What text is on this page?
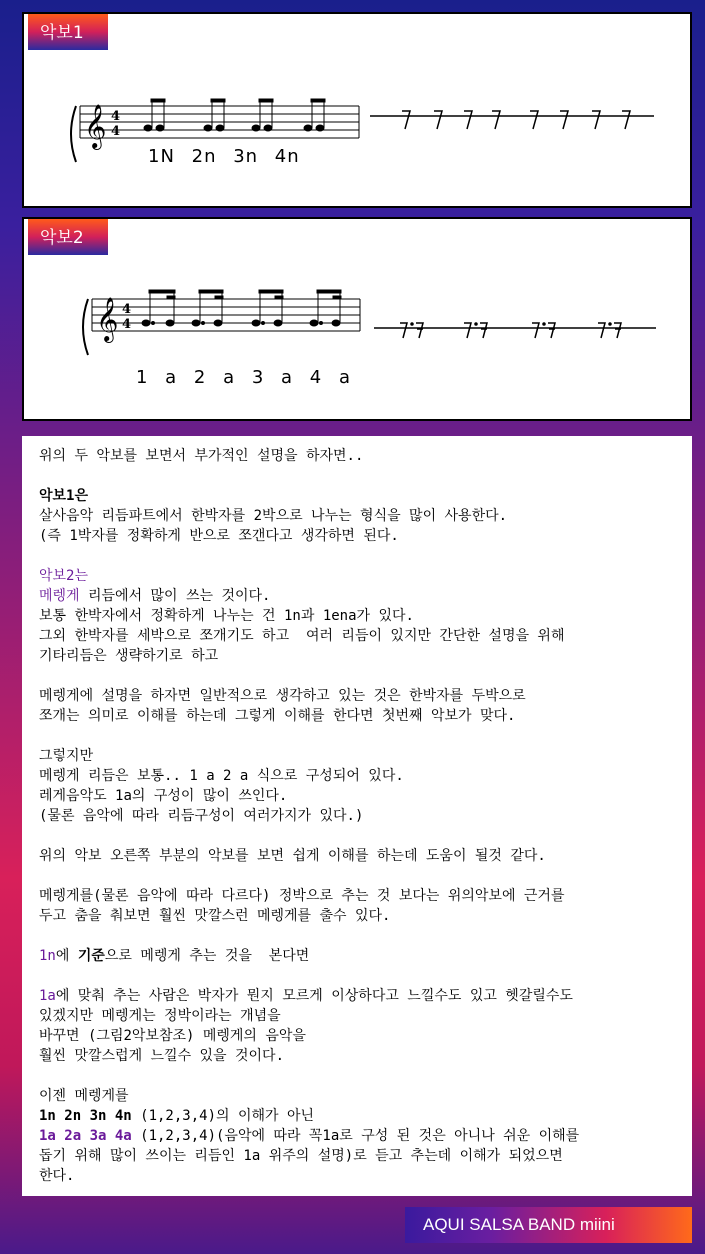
악보1
𝄞 4
4
1N 2n 3n 4n
악보2
𝄞 4
4
1 a 2 a 3 a 4 a

위의 두 악보를 보면서 부가적인 설명을 하자면..

악보1은

살사음악 리듬파트에서 한박자를 2박으로 나누는 형식을 많이 사용한다.

(즉 1박자를 정확하게 반으로 쪼갠다고 생각하면 된다.

악보2는

메렝게 리듬에서 많이 쓰는 것이다.

보통 한박자에서 정확하게 나누는 건 1n과 1ena가 있다.

그외 한박자를 세박으로 쪼개기도 하고  여러 리듬이 있지만 간단한 설명을 위해

기타리듬은 생략하기로 하고

메렝게에 설명을 하자면 일반적으로 생각하고 있는 것은 한박자를 두박으로

쪼개는 의미로 이해를 하는데 그렇게 이해를 한다면 첫번째 악보가 맞다.

그렇지만

메렝게 리듬은 보통.. 1 a 2 a 식으로 구성되어 있다.

레게음악도 1a의 구성이 많이 쓰인다.

(물론 음악에 따라 리듬구성이 여러가지가 있다.)

위의 악보 오른쪽 부분의 악보를 보면 쉽게 이해를 하는데 도움이 될것 같다.

메렝게를(물론 음악에 따라 다르다) 정박으로 추는 것 보다는 위의악보에 근거를

두고 춤을 춰보면 훨씬 맛깔스런 메렝게를 출수 있다.

1n에 기준으로 메렝게 추는 것을  본다면

1a에 맞춰 추는 사람은 박자가 뭔지 모르게 이상하다고 느낄수도 있고 헷갈릴수도

있겠지만 메렝게는 정박이라는 개념을

바꾸면 (그림2악보참조) 메렝게의 음악을

훨씬 맛깔스럽게 느낄수 있을 것이다.

이젠 메렝게를

1n 2n 3n 4n (1,2,3,4)의 이해가 아닌

1a 2a 3a 4a (1,2,3,4)(음악에 따라 꼭1a로 구성 된 것은 아니나 쉬운 이해를

돕기 위해 많이 쓰이는 리듬인 1a 위주의 설명)로 듣고 추는데 이해가 되었으면

한다.

AQUI SALSA BAND miini
